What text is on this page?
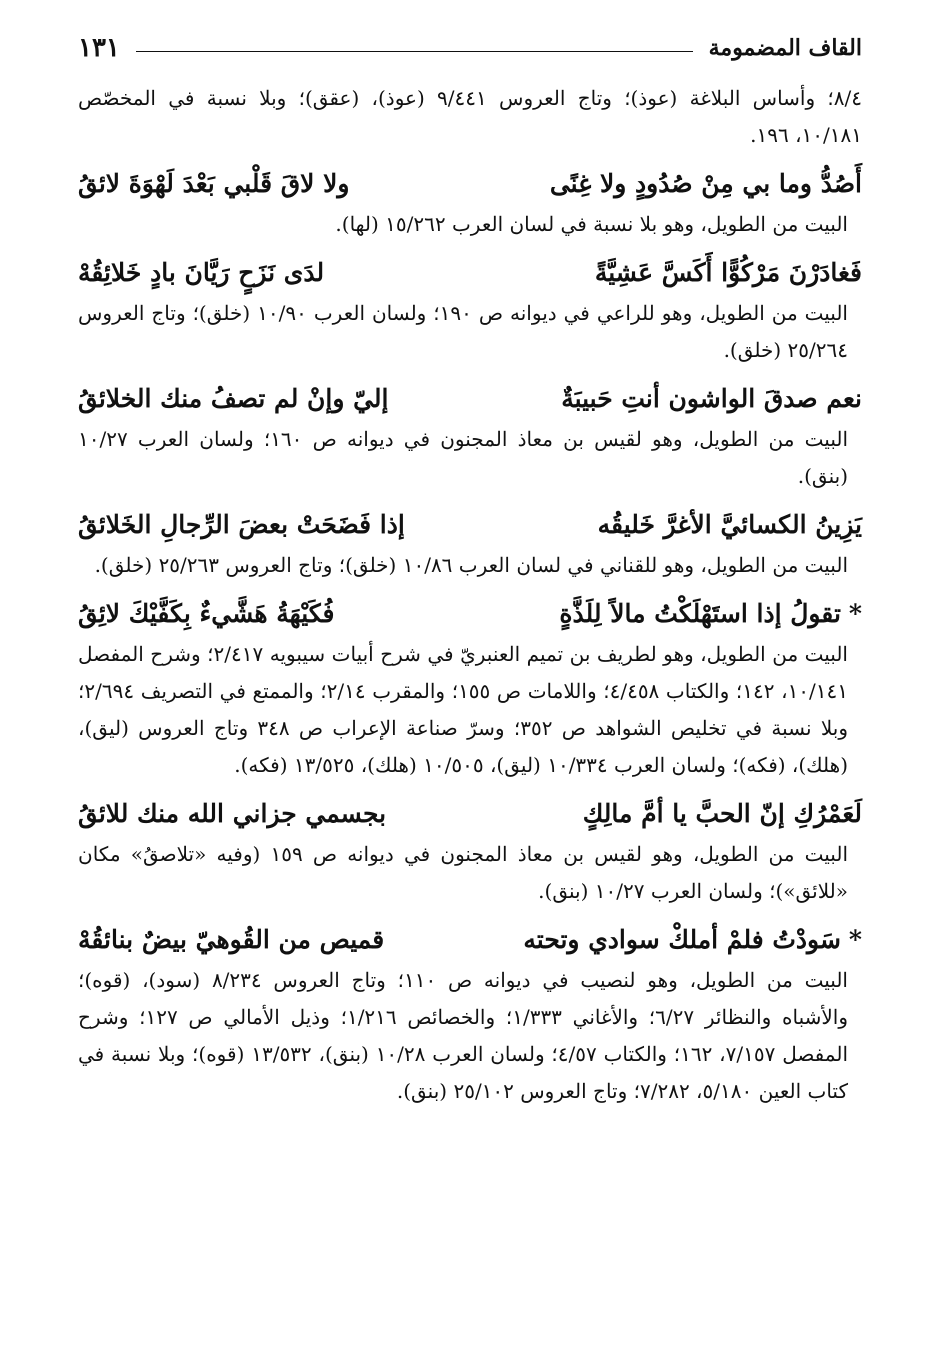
القاف المضمومة
١٣١
٨/٤؛ وأساس البلاغة (عوذ)؛ وتاج العروس ٩/٤٤١ (عوذ)، (عقق)؛ وبلا نسبة في المخصّص ١٠/١٨١، ١٩٦.
أَصُدُّ وما بي مِنْ صُدُودٍ ولا غِنًى
ولا لاقَ قَلْبي بَعْدَ لَهْوَةَ لائقُ
البيت من الطويل، وهو بلا نسبة في لسان العرب ١٥/٢٦٢ (لها).
فَغادَرْنَ مَرْكُوًّا أَكَسَّ عَشِيَّةً
لدَى نَزَحٍ رَيَّانَ بادٍ خَلائِقُهْ
البيت من الطويل، وهو للراعي في ديوانه ص ١٩٠؛ ولسان العرب ١٠/٩٠ (خلق)؛ وتاج العروس ٢٥/٢٦٤ (خلق).
نعم صدقَ الواشون أنتِ حَبيبَةٌ
إليّ وإنْ لم تصفُ منك الخلائقُ
البيت من الطويل، وهو لقيس بن معاذ المجنون في ديوانه ص ١٦٠؛ ولسان العرب ١٠/٢٧ (بنق).
يَزِينُ الكسائيَّ الأغرَّ خَليقُه
إذا فَضَحَتْ بعضَ الرِّجالِ الخَلائقُ
البيت من الطويل، وهو للقناني في لسان العرب ١٠/٨٦ (خلق)؛ وتاج العروس ٢٥/٢٦٣ (خلق).
*تقولُ إذا استَهْلَكْتُ مالاً لِلَذَّةٍ
فُكَيْهَةُ هَشَّيءٌ بِكَفَّيْكَ لائِقُ
البيت من الطويل، وهو لطريف بن تميم العنبريّ في شرح أبيات سيبويه ٢/٤١٧؛ وشرح المفصل ١٠/١٤١، ١٤٢؛ والكتاب ٤/٤٥٨؛ واللامات ص ١٥٥؛ والمقرب ٢/١٤؛ والممتع في التصريف ٢/٦٩٤؛ وبلا نسبة في تخليص الشواهد ص ٣٥٢؛ وسرّ صناعة الإعراب ص ٣٤٨ وتاج العروس (ليق)، (هلك)، (فكه)؛ ولسان العرب ١٠/٣٣٤ (ليق)، ١٠/٥٠٥ (هلك)، ١٣/٥٢٥ (فكه).
لَعَمْرُكِ إنّ الحبَّ يا أمَّ مالِكٍ
بجسمي جزاني الله منك للائقُ
البيت من الطويل، وهو لقيس بن معاذ المجنون في ديوانه ص ١٥٩ (وفيه «تلاصقُ» مكان «للائق»)؛ ولسان العرب ١٠/٢٧ (بنق).
*سَودْتُ فلمْ أملكْ سوادي وتحته
قميص من القُوهيّ بيضٌ بنائقُهْ
البيت من الطويل، وهو لنصيب في ديوانه ص ١١٠؛ وتاج العروس ٨/٢٣٤ (سود)، (قوه)؛ والأشباه والنظائر ٦/٢٧؛ والأغاني ١/٣٣٣؛ والخصائص ١/٢١٦؛ وذيل الأمالي ص ١٢٧؛ وشرح المفصل ٧/١٥٧، ١٦٢؛ والكتاب ٤/٥٧؛ ولسان العرب ١٠/٢٨ (بنق)، ١٣/٥٣٢ (قوه)؛ وبلا نسبة في كتاب العين ٥/١٨٠، ٧/٢٨٢؛ وتاج العروس ٢٥/١٠٢ (بنق).
